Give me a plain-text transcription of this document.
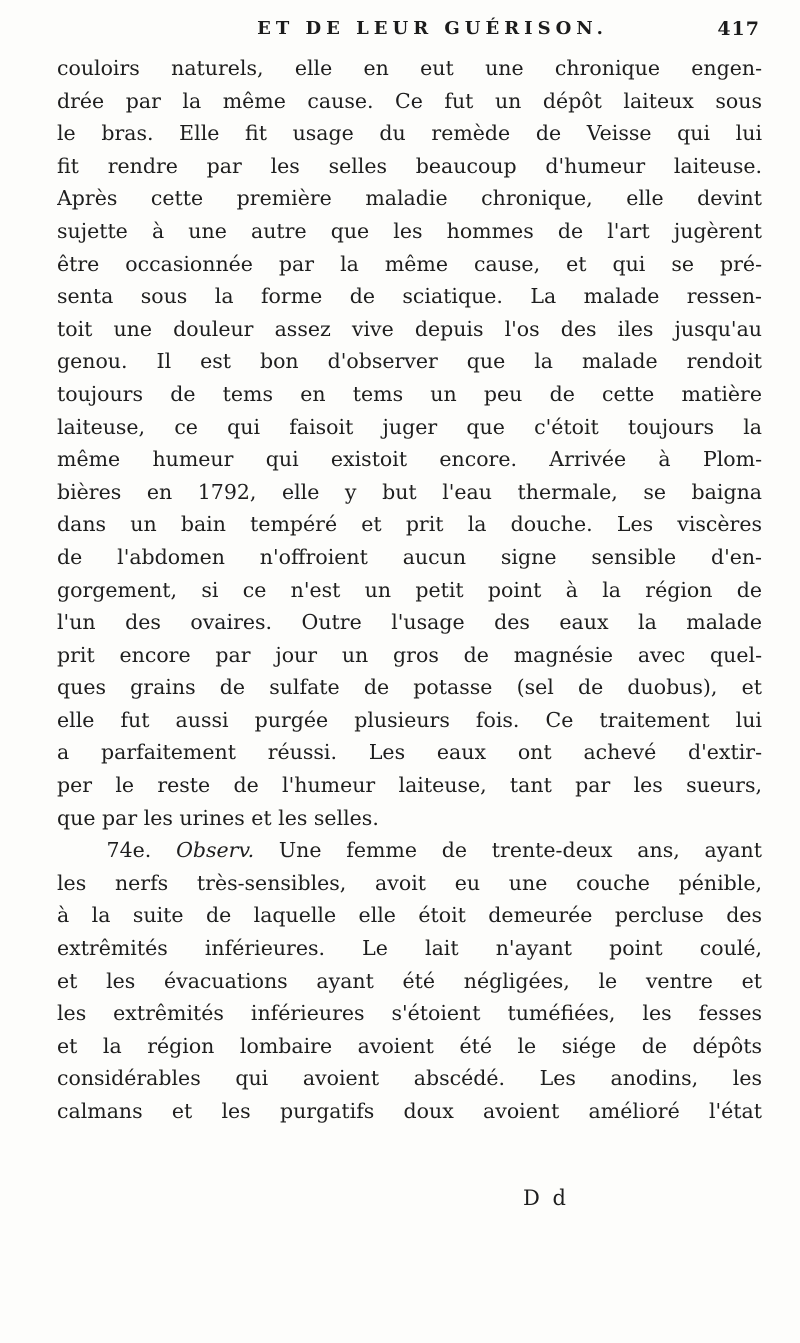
ET DE LEUR GUÉRISON.	417
couloirs naturels, elle en eut une chronique engen-
drée par la même cause. Ce fut un dépôt laiteux sous
le bras. Elle fit usage du remède de Veisse qui lui
fit rendre par les selles beaucoup d'humeur laiteuse.
Après cette première maladie chronique, elle devint
sujette à une autre que les hommes de l'art jugèrent
être occasionnée par la même cause, et qui se pré-
senta sous la forme de sciatique. La malade ressen-
toit une douleur assez vive depuis l'os des iles jusqu'au
genou. Il est bon d'observer que la malade rendoit
toujours de tems en tems un peu de cette matière
laiteuse, ce qui faisoit juger que c'étoit toujours la
même humeur qui existoit encore. Arrivée à Plom-
bières en 1792, elle y but l'eau thermale, se baigna
dans un bain tempéré et prit la douche. Les viscères
de l'abdomen n'offroient aucun signe sensible d'en-
gorgement, si ce n'est un petit point à la région de
l'un des ovaires. Outre l'usage des eaux la malade
prit encore par jour un gros de magnésie avec quel-
ques grains de sulfate de potasse (sel de duobus), et
elle fut aussi purgée plusieurs fois. Ce traitement lui
a parfaitement réussi. Les eaux ont achevé d'extir-
per le reste de l'humeur laiteuse, tant par les sueurs,
que par les urines et les selles.
74e. Observ. Une femme de trente-deux ans, ayant
les nerfs très-sensibles, avoit eu une couche pénible,
à la suite de laquelle elle étoit demeurée percluse des
extrêmités inférieures. Le lait n'ayant point coulé,
et les évacuations ayant été négligées, le ventre et
les extrêmités inférieures s'étoient tuméfiées, les fesses
et la région lombaire avoient été le siége de dépôts
considérables qui avoient abscédé. Les anodins, les
calmans et les purgatifs doux avoient amélioré l'état
D d
